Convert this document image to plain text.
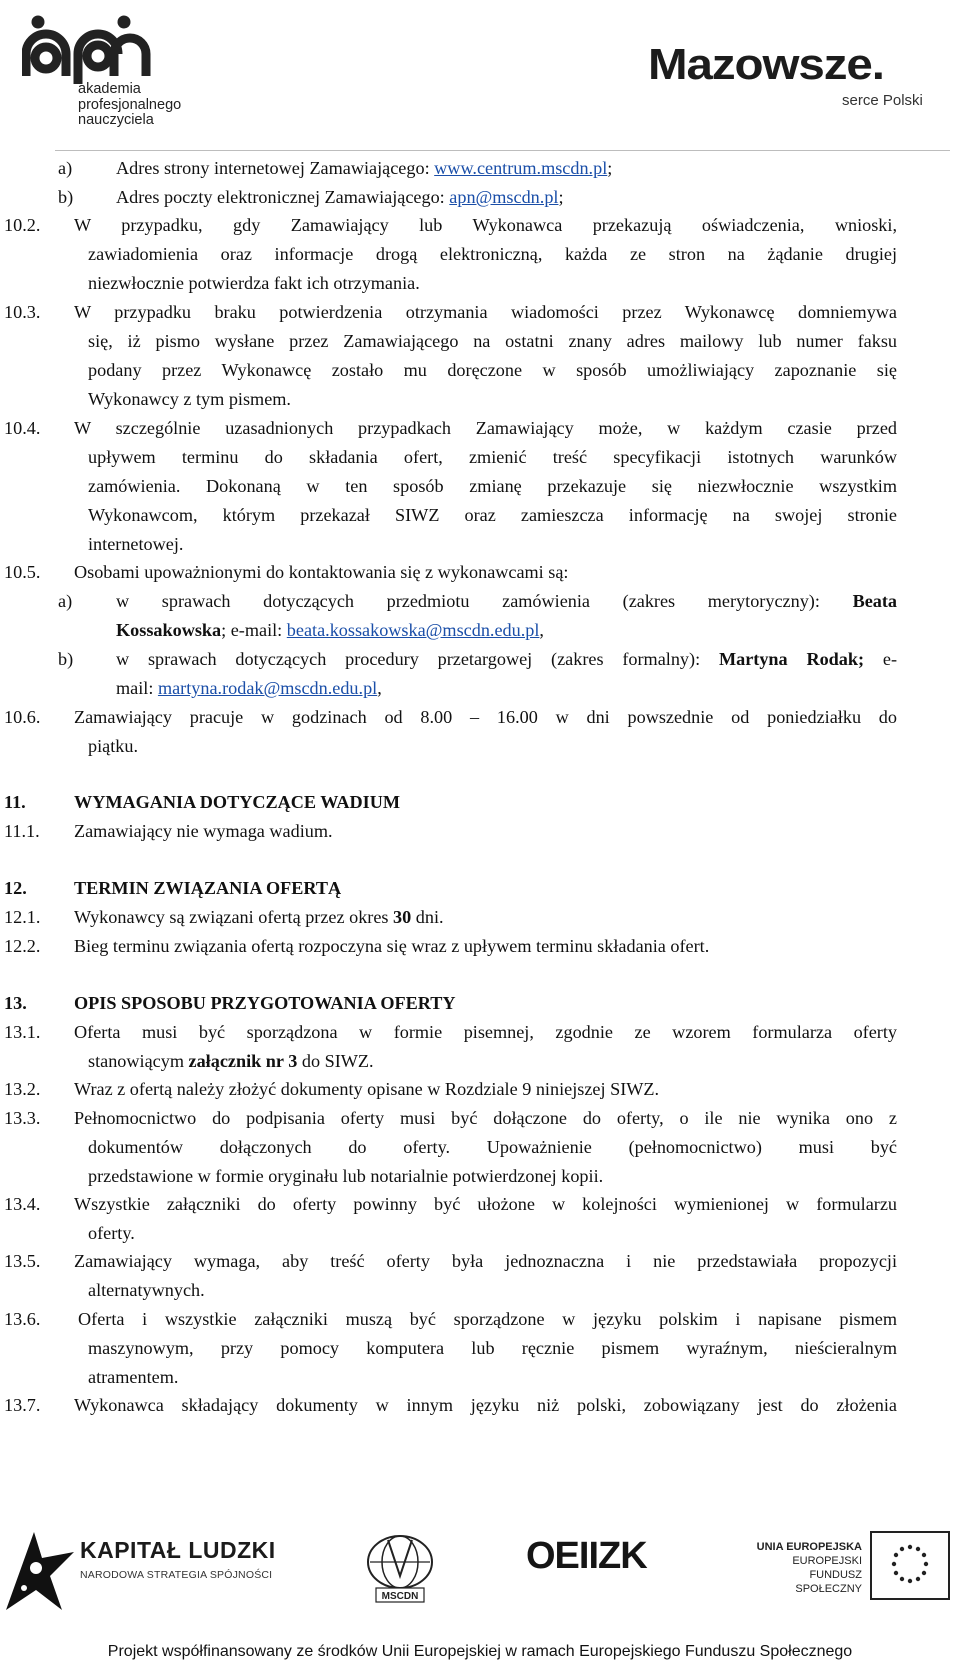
akademia
profesjonalnego
nauczyciela
Mazowsze.
serce Polski
a) Adres strony internetowej Zamawiającego: www.centrum.mscdn.pl;
b) Adres poczty elektronicznej Zamawiającego: apn@mscdn.pl;
10.2. W przypadku, gdy Zamawiający lub Wykonawca przekazują oświadczenia, wnioski,
zawiadomienia oraz informacje drogą elektroniczną, każda ze stron na żądanie drugiej
niezwłocznie potwierdza fakt ich otrzymania.
10.3. W przypadku braku potwierdzenia otrzymania wiadomości przez Wykonawcę domniemywa
się, iż pismo wysłane przez Zamawiającego na ostatni znany adres mailowy lub numer faksu
podany przez Wykonawcę zostało mu doręczone w sposób umożliwiający zapoznanie się
Wykonawcy z tym pismem.
10.4. W szczególnie uzasadnionych przypadkach Zamawiający może, w każdym czasie przed
upływem terminu do składania ofert, zmienić treść specyfikacji istotnych warunków
zamówienia. Dokonaną w ten sposób zmianę przekazuje się niezwłocznie wszystkim
Wykonawcom, którym przekazał SIWZ oraz zamieszcza informację na swojej stronie
internetowej.
10.5. Osobami upoważnionymi do kontaktowania się z wykonawcami są:
a) w sprawach dotyczących przedmiotu zamówienia (zakres merytoryczny): Beata
Kossakowska; e-mail: beata.kossakowska@mscdn.edu.pl,
b) w sprawach dotyczących procedury przetargowej (zakres formalny): Martyna Rodak; e-
mail: martyna.rodak@mscdn.edu.pl,
10.6. Zamawiający pracuje w godzinach od 8.00 – 16.00 w dni powszednie od poniedziałku do
piątku.
11.	WYMAGANIA DOTYCZĄCE WADIUM
11.1. Zamawiający nie wymaga wadium.
12.	TERMIN ZWIĄZANIA OFERTĄ
12.1. Wykonawcy są związani ofertą przez okres 30 dni.
12.2. Bieg terminu związania ofertą rozpoczyna się wraz z upływem terminu składania ofert.
13.	OPIS SPOSOBU PRZYGOTOWANIA OFERTY
13.1. Oferta musi być sporządzona w formie pisemnej, zgodnie ze wzorem formularza oferty
stanowiącym załącznik nr 3 do SIWZ.
13.2. Wraz z ofertą należy złożyć dokumenty opisane w Rozdziale 9 niniejszej SIWZ.
13.3. Pełnomocnictwo do podpisania oferty musi być dołączone do oferty, o ile nie wynika ono z
dokumentów dołączonych do oferty. Upoważnienie (pełnomocnictwo) musi być
przedstawione w formie oryginału lub notarialnie potwierdzonej kopii.
13.4. Wszystkie załączniki do oferty powinny być ułożone w kolejności wymienionej w formularzu
oferty.
13.5. Zamawiający wymaga, aby treść oferty była jednoznaczna i nie przedstawiała propozycji
alternatywnych.
13.6. Oferta i wszystkie załączniki muszą być sporządzone w języku polskim i napisane pismem
maszynowym, przy pomocy komputera lub ręcznie pismem wyraźnym, nieścieralnym
atramentem.
13.7. Wykonawca składający dokumenty w innym języku niż polski, zobowiązany jest do złożenia
KAPITAŁ LUDZKI
NARODOWA STRATEGIA SPÓJNOŚCI
MSCDN
OEIIZK	UNIA EUROPEJSKA
EUROPEJSKI
FUNDUSZ SPOŁECZNY
Projekt współfinansowany ze środków Unii Europejskiej w ramach Europejskiego Funduszu Społecznego
